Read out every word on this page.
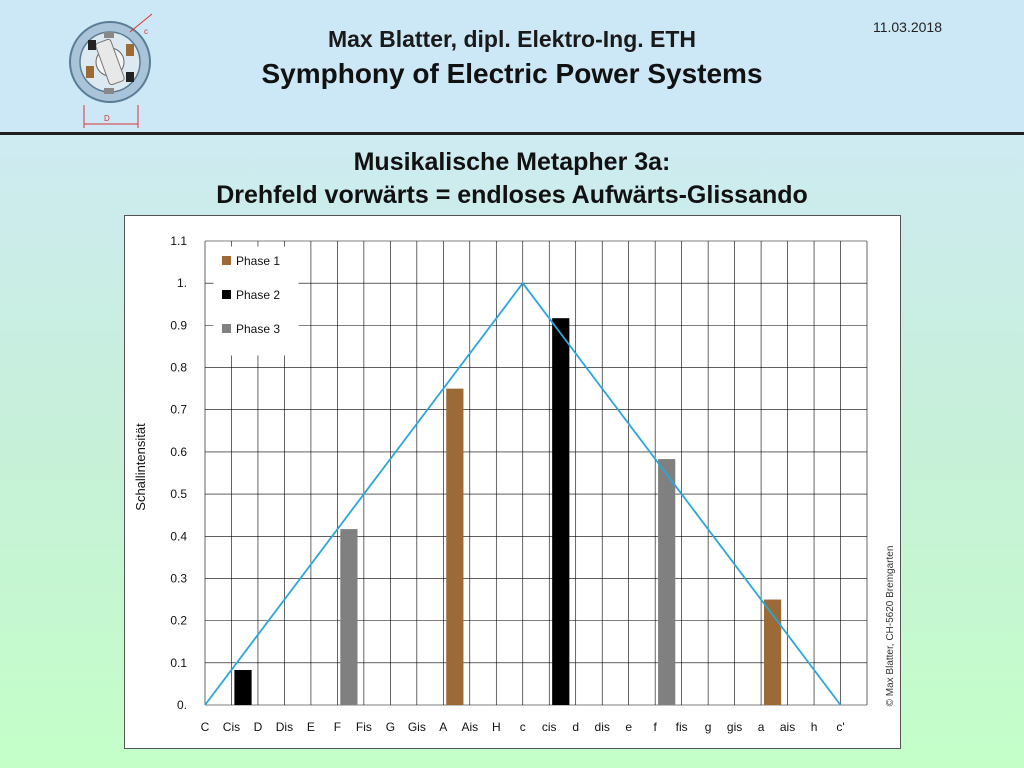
D
c	Max Blatter, dipl. Elektro-Ing. ETH
Symphony of Electric Power Systems
11.03.2018
Musikalische Metapher 3a:
Drehfeld vorwärts = endloses Aufwärts-Glissando
0.
0.1
0.2
0.3
0.4
0.5
0.6
0.7
0.8
0.9
1.
1.1
C Cis D Dis E F Fis G Gis A Ais H c cis d dis e f fis g gis a ais h c'
Phase 1
Phase 2
Phase 3
Schallintensität
© Max Blatter, CH-5620 Bremgarten
